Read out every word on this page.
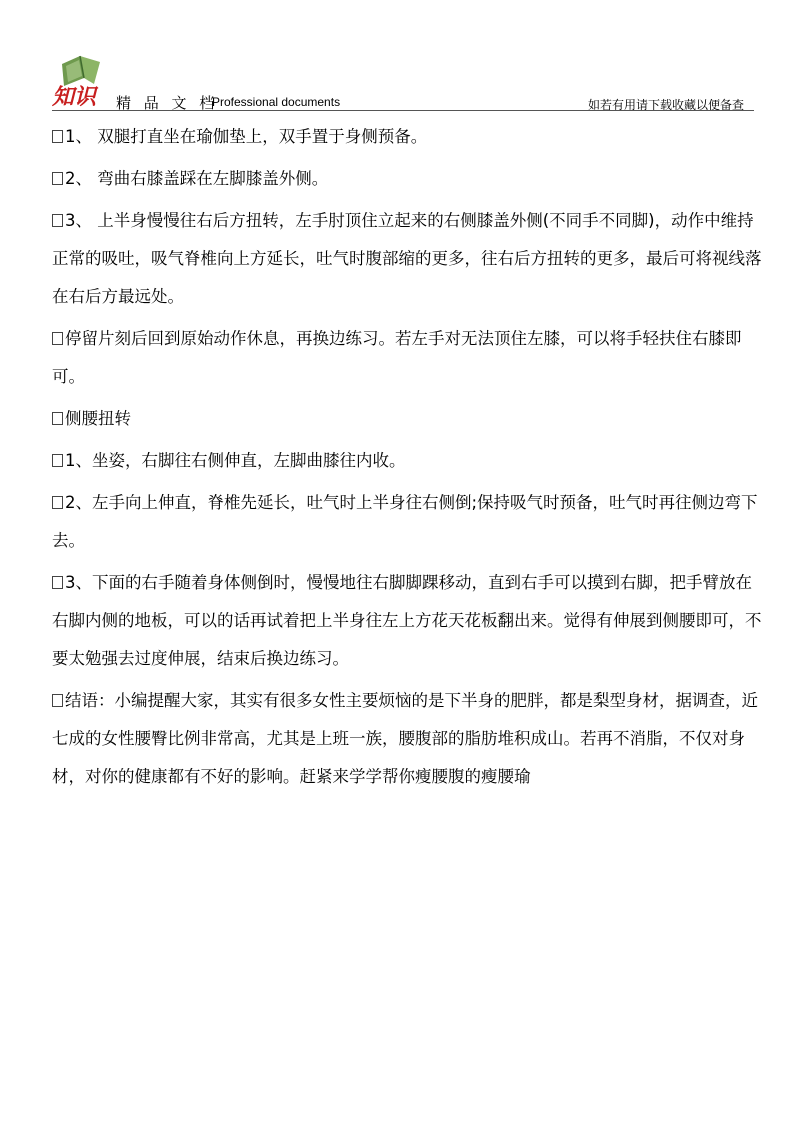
知识 精 品 文 档
Professional documents	如若有用请下载收藏以便备查

1、 双腿打直坐在瑜伽垫上，双手置于身侧预备。

2、 弯曲右膝盖踩在左脚膝盖外侧。

3、 上半身慢慢往右后方扭转，左手肘顶住立起来的右侧膝盖外侧(不同手不同脚)，动作中维持正常的吸吐，吸气脊椎向上方延长，吐气时腹部缩的更多，往右后方扭转的更多，最后可将视线落在右后方最远处。

停留片刻后回到原始动作休息，再换边练习。若左手对无法顶住左膝，可以将手轻扶住右膝即可。

侧腰扭转

1、坐姿，右脚往右侧伸直，左脚曲膝往内收。

2、左手向上伸直，脊椎先延长，吐气时上半身往右侧倒;保持吸气时预备，吐气时再往侧边弯下去。

3、下面的右手随着身体侧倒时，慢慢地往右脚脚踝移动，直到右手可以摸到右脚，把手臂放在右脚内侧的地板，可以的话再试着把上半身往左上方花天花板翻出来。觉得有伸展到侧腰即可，不要太勉强去过度伸展，结束后换边练习。

结语：小编提醒大家，其实有很多女性主要烦恼的是下半身的肥胖，都是梨型身材，据调查，近七成的女性腰臀比例非常高，尤其是上班一族，腰腹部的脂肪堆积成山。若再不消脂，不仅对身材，对你的健康都有不好的影响。赶紧来学学帮你瘦腰腹的瘦腰瑜
